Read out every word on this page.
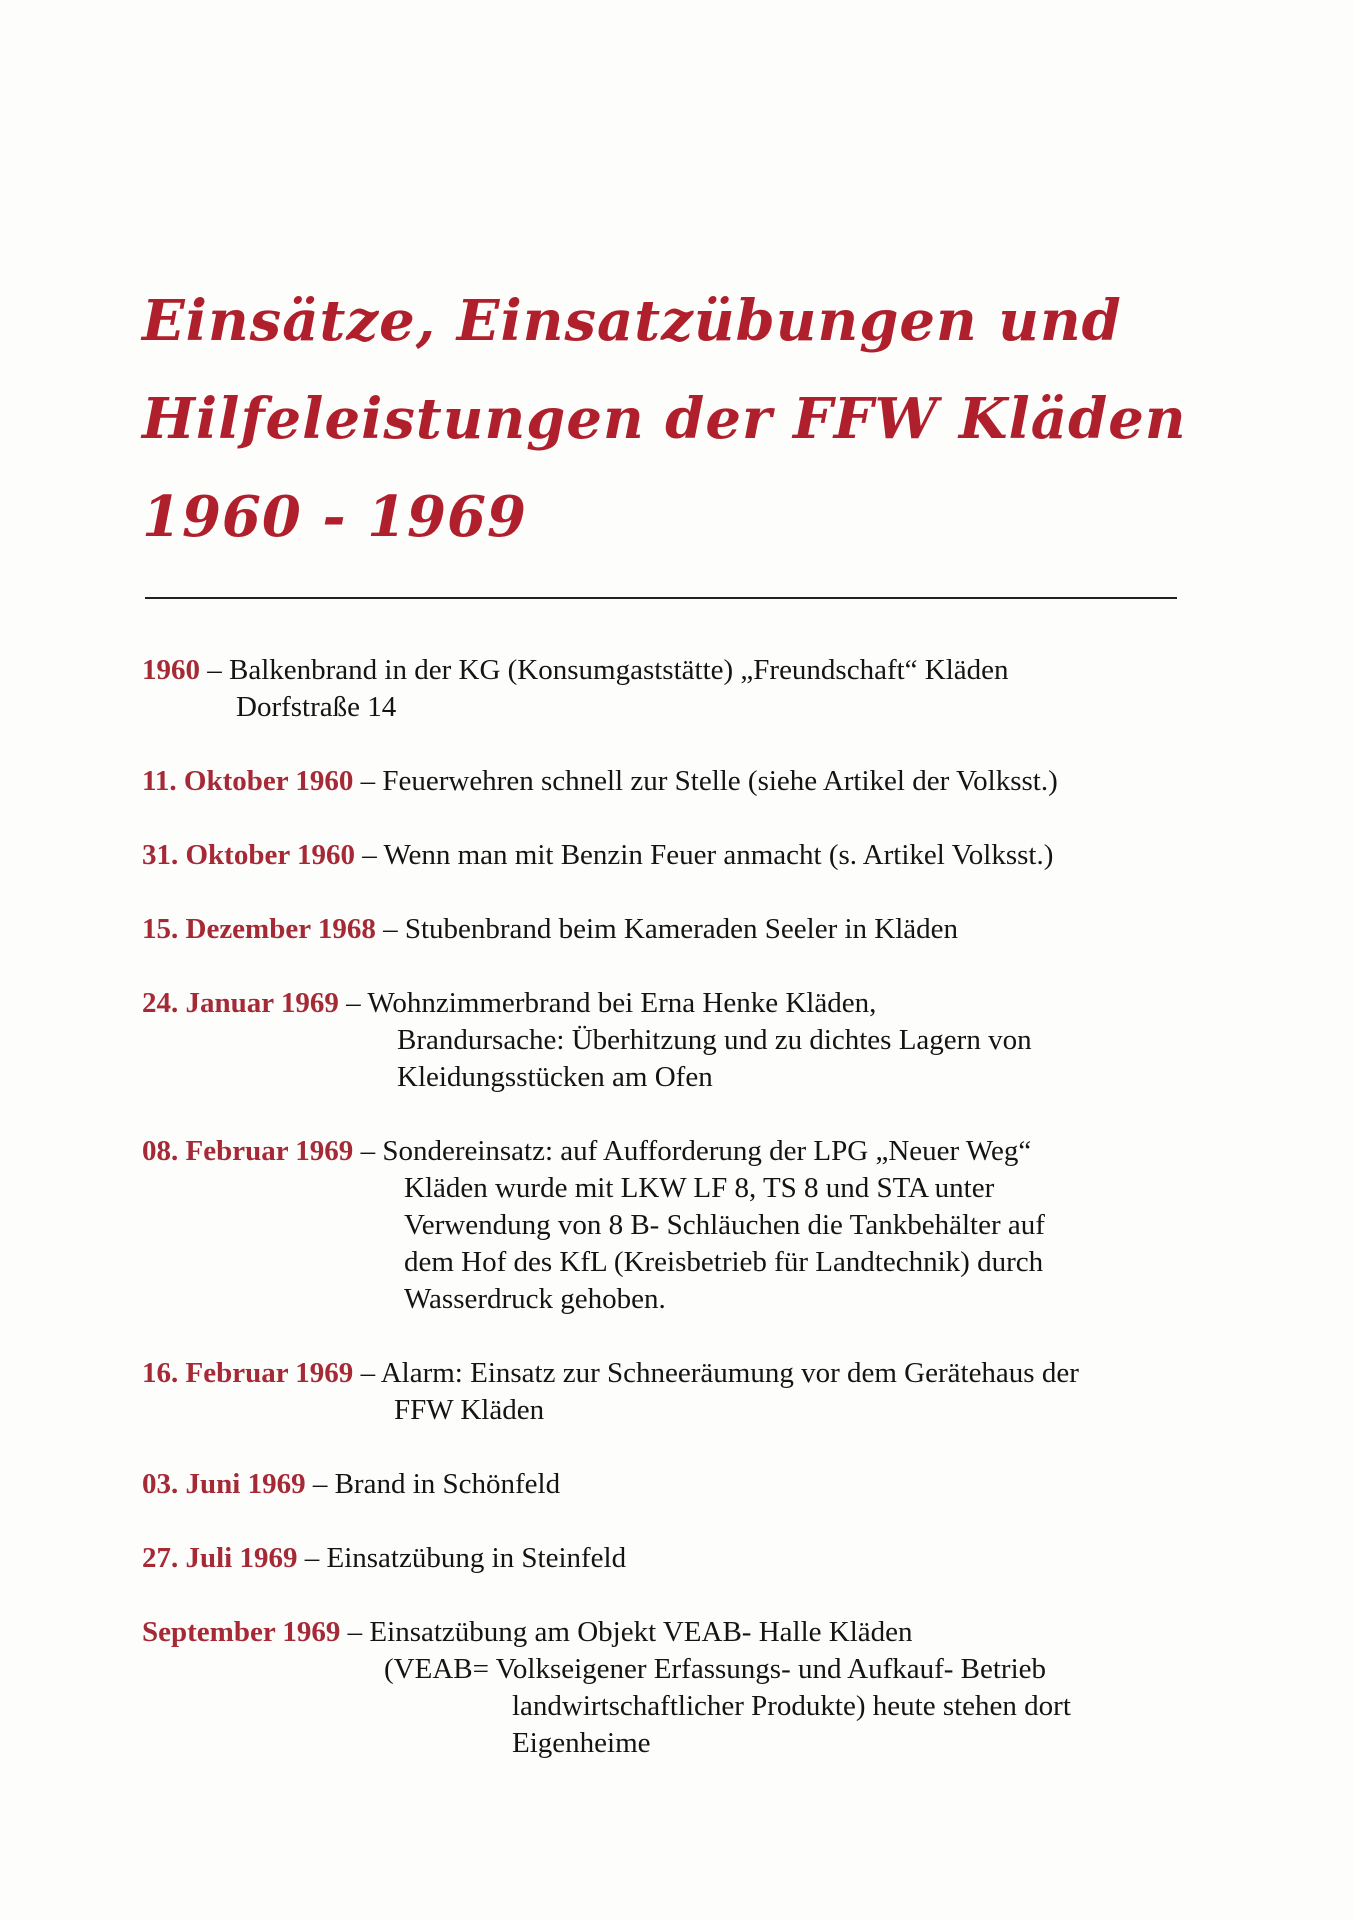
Einsätze, Einsatzübungen und
Hilfeleistungen der FFW Kläden
1960 - 1969
1960 – Balkenbrand in der KG (Konsumgaststätte) „Freundschaft“ Kläden
Dorfstraße 14
11. Oktober 1960 – Feuerwehren schnell zur Stelle (siehe Artikel der Volksst.)
31. Oktober 1960 – Wenn man mit Benzin Feuer anmacht (s. Artikel Volksst.)
15. Dezember 1968 – Stubenbrand beim Kameraden Seeler in Kläden
24. Januar 1969 – Wohnzimmerbrand bei Erna Henke Kläden,
Brandursache: Überhitzung und zu dichtes Lagern von
Kleidungsstücken am Ofen
08. Februar 1969 – Sondereinsatz: auf Aufforderung der LPG „Neuer Weg“
Kläden wurde mit LKW LF 8, TS 8 und STA unter
Verwendung von 8 B- Schläuchen die Tankbehälter auf
dem Hof des KfL (Kreisbetrieb für Landtechnik) durch
Wasserdruck gehoben.
16. Februar 1969 – Alarm: Einsatz zur Schneeräumung vor dem Gerätehaus der
FFW Kläden
03. Juni 1969 – Brand in Schönfeld
27. Juli 1969 – Einsatzübung in Steinfeld
September 1969 – Einsatzübung am Objekt VEAB- Halle Kläden
(VEAB= Volkseigener Erfassungs- und Aufkauf- Betrieb
landwirtschaftlicher Produkte) heute stehen dort
Eigenheime
